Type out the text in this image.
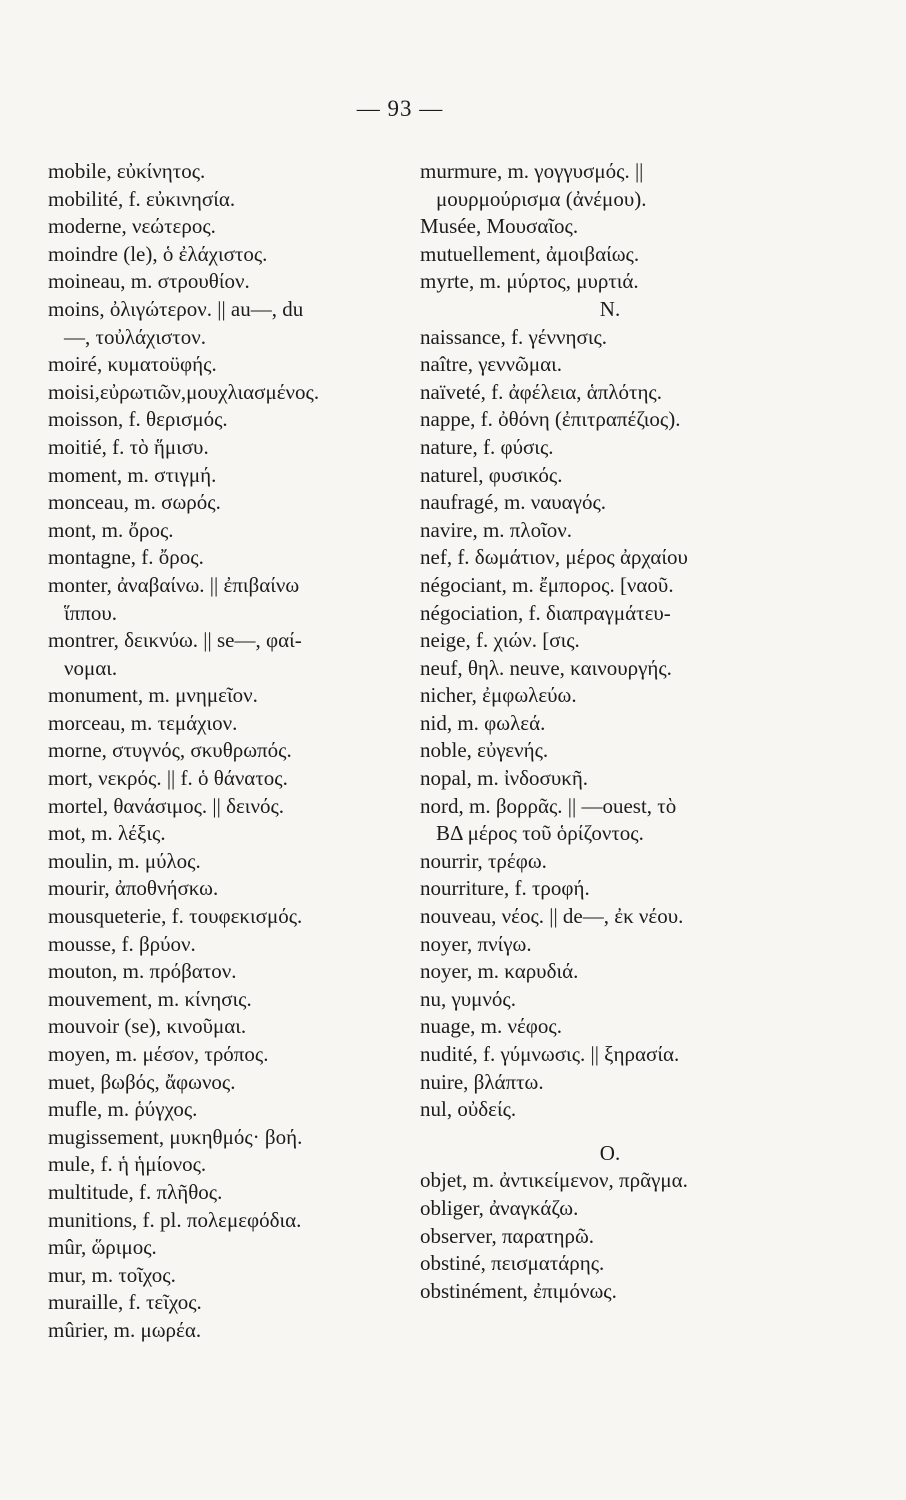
— 93 —
mobile, εὐκίνητος.
mobilité, f. εὐκινησία.
moderne, νεώτερος.
moindre (le), ὁ ἐλάχιστος.
moineau, m. στρουθίον.
moins, ὀλιγώτερον. || au—, du
—, τοὐλάχιστον.
moiré, κυματοϋφής.
moisi,εὐρωτιῶν,μουχλιασμένος.
moisson, f. θερισμός.
moitié, f. τὸ ἥμισυ.
moment, m. στιγμή.
monceau, m. σωρός.
mont, m. ὄρος.
montagne, f. ὄρος.
monter, ἀναβαίνω. || ἐπιβαίνω
ἵππου.
montrer, δεικνύω. || se—, φαί-
νομαι.
monument, m. μνημεῖον.
morceau, m. τεμάχιον.
morne, στυγνός, σκυθρωπός.
mort, νεκρός. || f. ὁ θάνατος.
mortel, θανάσιμος. || δεινός.
mot, m. λέξις.
moulin, m. μύλος.
mourir, ἀποθνήσκω.
mousqueterie, f. τουφεκισμός.
mousse, f. βρύον.
mouton, m. πρόβατον.
mouvement, m. κίνησις.
mouvoir (se), κινοῦμαι.
moyen, m. μέσον, τρόπος.
muet, βωβός, ἄφωνος.
mufle, m. ῥύγχος.
mugissement, μυκηθμός· βοή.
mule, f. ἡ ἡμίονος.
multitude, f. πλῆθος.
munitions, f. pl. πολεμεφόδια.
mûr, ὥριμος.
mur, m. τοῖχος.
muraille, f. τεῖχος.
mûrier, m. μωρέα.
murmure, m. γογγυσμός. ||
μουρμούρισμα (ἀνέμου).
Musée, Μουσαῖος.
mutuellement, ἀμοιβαίως.
myrte, m. μύρτος, μυρτιά.
N.
naissance, f. γέννησις.
naître, γεννῶμαι.
naïveté, f. ἀφέλεια, ἁπλότης.
nappe, f. ὀθόνη (ἐπιτραπέζιος).
nature, f. φύσις.
naturel, φυσικός.
naufragé, m. ναυαγός.
navire, m. πλοῖον.
nef, f. δωμάτιον, μέρος ἀρχαίου
négociant, m. ἔμπορος. [ναοῦ.
négociation, f. διαπραγμάτευ-
neige, f. χιών. [σις.
neuf, θηλ. neuve, καινουργής.
nicher, ἐμφωλεύω.
nid, m. φωλεά.
noble, εὐγενής.
nopal, m. ἰνδοσυκῆ.
nord, m. βορρᾶς. || —ouest, τὸ
ΒΔ μέρος τοῦ ὁρίζοντος.
nourrir, τρέφω.
nourriture, f. τροφή.
nouveau, νέος. || de—, ἐκ νέου.
noyer, πνίγω.
noyer, m. καρυδιά.
nu, γυμνός.
nuage, m. νέφος.
nudité, f. γύμνωσις. || ξηρασία.
nuire, βλάπτω.
nul, οὐδείς.
O.
objet, m. ἀντικείμενον, πρᾶγμα.
obliger, ἀναγκάζω.
observer, παρατηρῶ.
obstiné, πεισματάρης.
obstinément, ἐπιμόνως.
